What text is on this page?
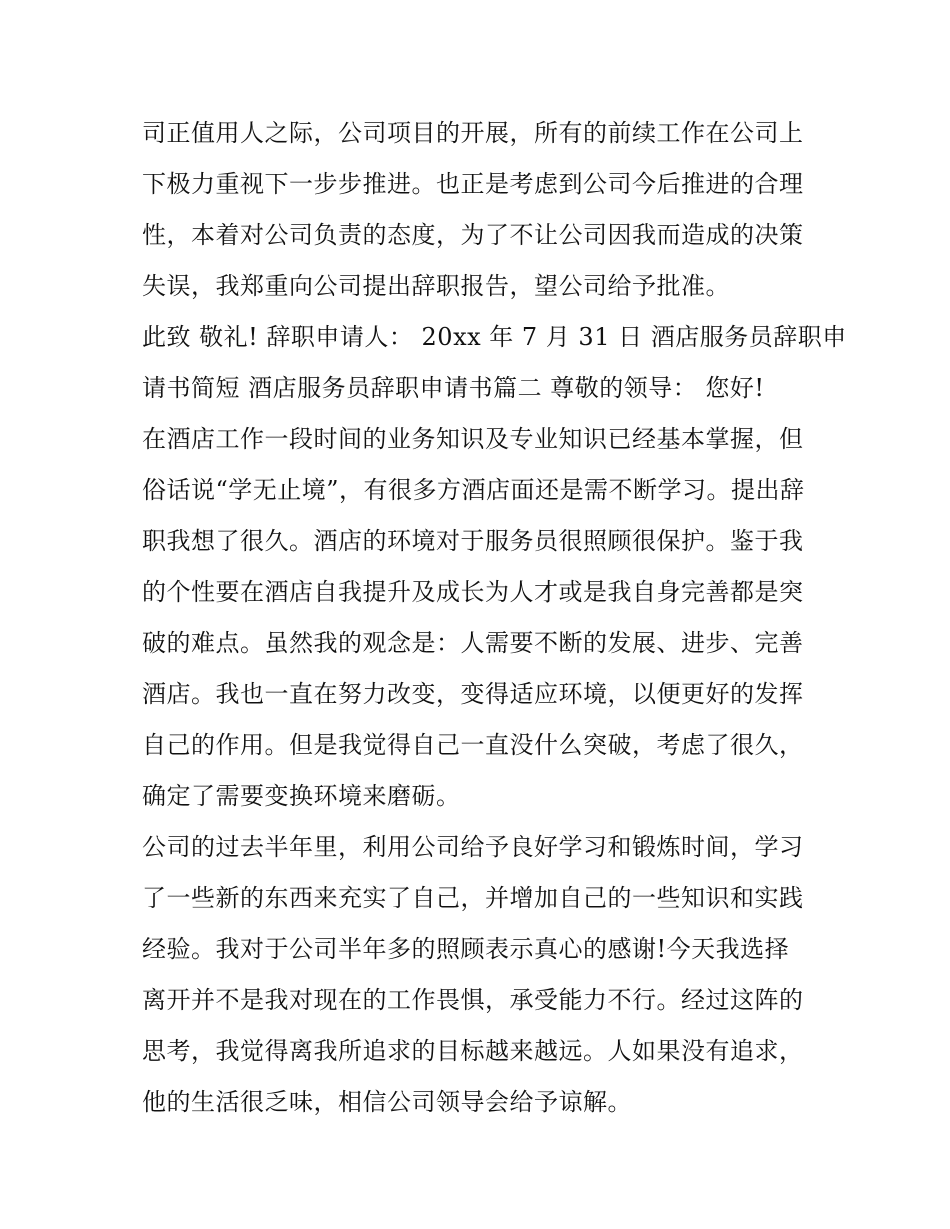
司正值用人之际，公司项目的开展，所有的前续工作在公司上
下极力重视下一步步推进。也正是考虑到公司今后推进的合理
性，本着对公司负责的态度，为了不让公司因我而造成的决策
失误，我郑重向公司提出辞职报告，望公司给予批准。

此致 敬礼! 辞职申请人： 20xx 年 7 月 31 日 酒店服务员辞职申
请书简短 酒店服务员辞职申请书篇二 尊敬的领导： 您好!

在酒店工作一段时间的业务知识及专业知识已经基本掌握，但
俗话说“学无止境”，有很多方酒店面还是需不断学习。提出辞
职我想了很久。酒店的环境对于服务员很照顾很保护。鉴于我
的个性要在酒店自我提升及成长为人才或是我自身完善都是突
破的难点。虽然我的观念是：人需要不断的发展、进步、完善
酒店。我也一直在努力改变，变得适应环境，以便更好的发挥
自己的作用。但是我觉得自己一直没什么突破，考虑了很久，
确定了需要变换环境来磨砺。

公司的过去半年里，利用公司给予良好学习和锻炼时间，学习
了一些新的东西来充实了自己，并增加自己的一些知识和实践
经验。我对于公司半年多的照顾表示真心的感谢!今天我选择
离开并不是我对现在的工作畏惧，承受能力不行。经过这阵的
思考，我觉得离我所追求的目标越来越远。人如果没有追求，
他的生活很乏味，相信公司领导会给予谅解。
